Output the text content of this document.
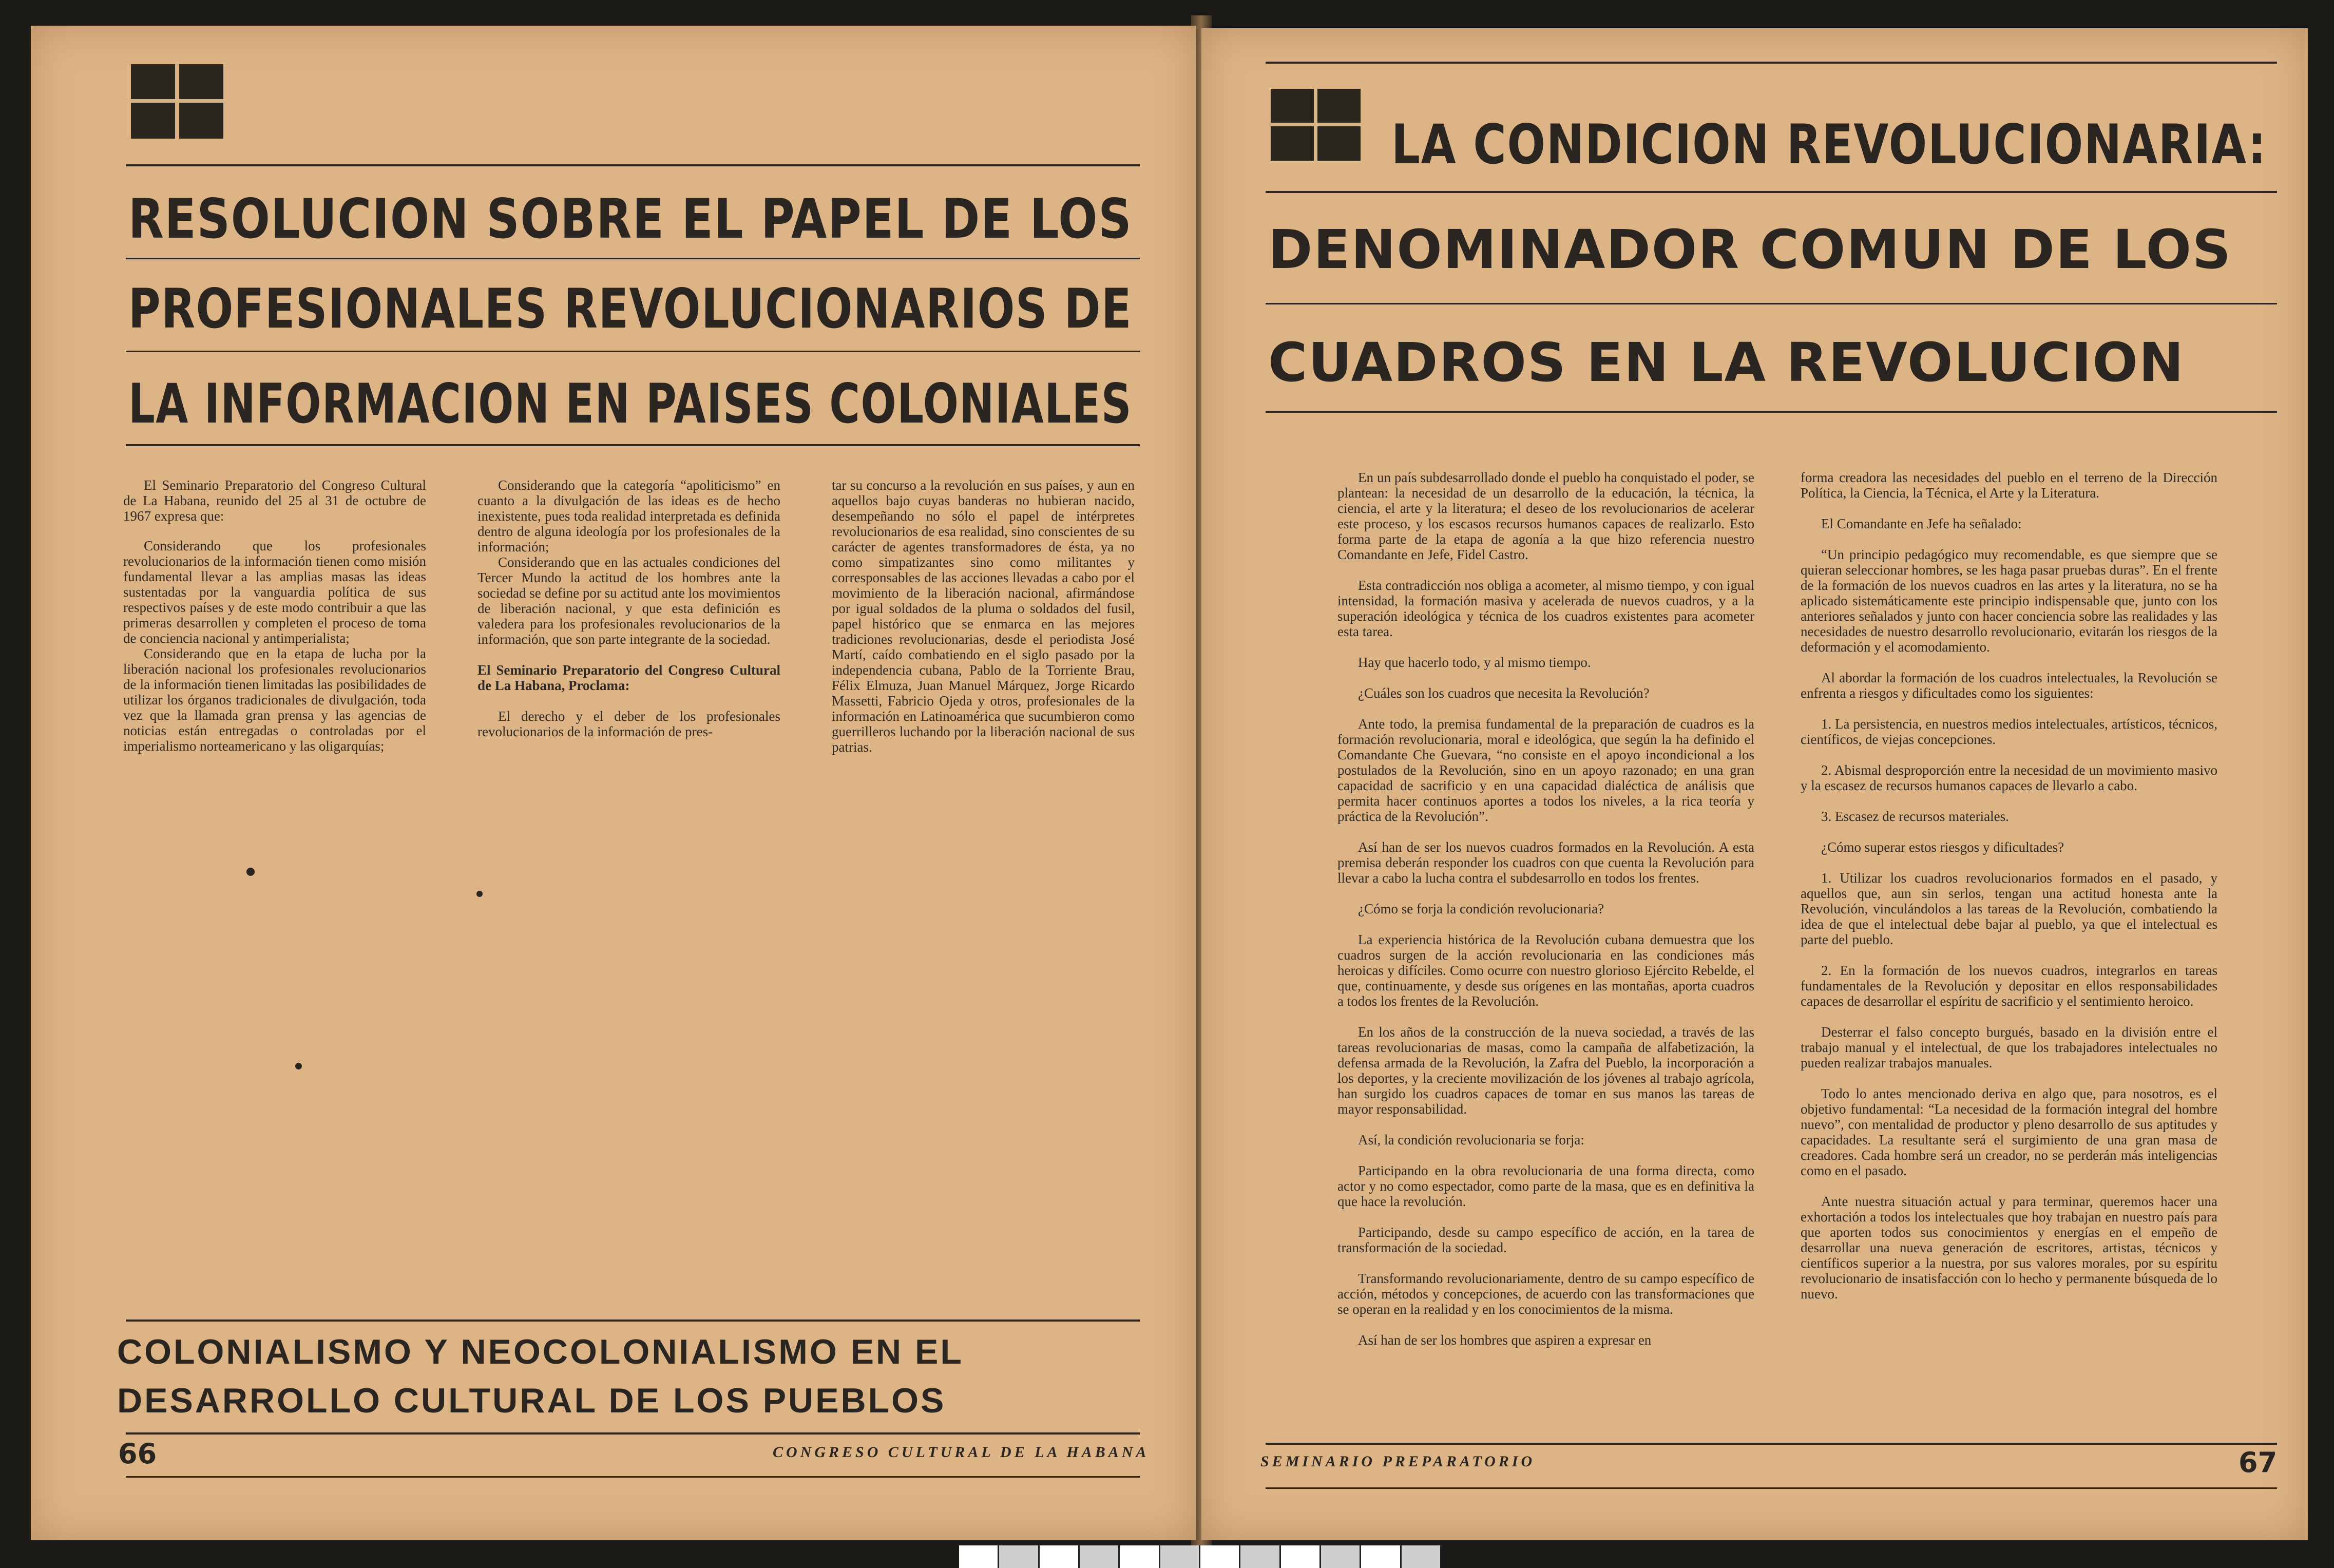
RESOLUCION SOBRE EL PAPEL DE LOS
PROFESIONALES REVOLUCIONARIOS DE
LA INFORMACION EN PAISES COLONIALES

El Seminario Preparatorio del Congreso Cultural de La Habana, reunido del 25 al 31 de octubre de 1967 expresa que:

Considerando que los profesionales revolucionarios de la información tienen como misión fundamental llevar a las amplias masas las ideas sustentadas por la vanguardia política de sus respectivos países y de este modo contribuir a que las primeras desarrollen y completen el proceso de toma de conciencia nacional y antimperialista;

Considerando que en la etapa de lucha por la liberación nacional los profesionales revolucionarios de la información tienen limitadas las posibilidades de utilizar los órganos tradicionales de divulgación, toda vez que la llamada gran prensa y las agencias de noticias están entregadas o controladas por el imperialismo norteamericano y las oligarquías;

Considerando que la categoría “apoliticismo” en cuanto a la divulgación de las ideas es de hecho inexistente, pues toda realidad interpretada es definida dentro de alguna ideología por los profesionales de la información;

Considerando que en las actuales condiciones del Tercer Mundo la actitud de los hombres ante la sociedad se define por su actitud ante los movimientos de liberación nacional, y que esta definición es valedera para los profesionales revolucionarios de la información, que son parte integrante de la sociedad.

El Seminario Preparatorio del Congreso Cultural de La Habana, Proclama:

El derecho y el deber de los profesionales revolucionarios de la información de pres-

tar su concurso a la revolución en sus países, y aun en aquellos bajo cuyas banderas no hubieran nacido, desempeñando no sólo el papel de intérpretes revolucionarios de esa realidad, sino conscientes de su carácter de agentes transformadores de ésta, ya no como simpatizantes sino como militantes y corresponsables de las acciones llevadas a cabo por el movimiento de la liberación nacional, afirmándose por igual soldados de la pluma o soldados del fusil, papel histórico que se enmarca en las mejores tradiciones revolucionarias, desde el periodista José Martí, caído combatiendo en el siglo pasado por la independencia cubana, Pablo de la Torriente Brau, Félix Elmuza, Juan Manuel Márquez, Jorge Ricardo Massetti, Fabricio Ojeda y otros, profesionales de la información en Latinoamérica que sucumbieron como guerrilleros luchando por la liberación nacional de sus patrias.

COLONIALISMO Y NEOCOLONIALISMO EN EL
DESARROLLO CULTURAL DE LOS PUEBLOS
66	CONGRESO CULTURAL DE LA HABANA
LA CONDICION REVOLUCIONARIA:
DENOMINADOR COMUN DE LOS
CUADROS EN LA REVOLUCION

En un país subdesarrollado donde el pueblo ha conquistado el poder, se plantean: la necesidad de un desarrollo de la educación, la técnica, la ciencia, el arte y la literatura; el deseo de los revolucionarios de acelerar este proceso, y los escasos recursos humanos capaces de realizarlo. Esto forma parte de la etapa de agonía a la que hizo referencia nuestro Comandante en Jefe, Fidel Castro.

Esta contradicción nos obliga a acometer, al mismo tiempo, y con igual intensidad, la formación masiva y acelerada de nuevos cuadros, y a la superación ideológica y técnica de los cuadros existentes para acometer esta tarea.

Hay que hacerlo todo, y al mismo tiempo.

¿Cuáles son los cuadros que necesita la Revolución?

Ante todo, la premisa fundamental de la preparación de cuadros es la formación revolucionaria, moral e ideológica, que según la ha definido el Comandante Che Guevara, “no consiste en el apoyo incondicional a los postulados de la Revolución, sino en un apoyo razonado; en una gran capacidad de sacrificio y en una capacidad dialéctica de análisis que permita hacer continuos aportes a todos los niveles, a la rica teoría y práctica de la Revolución”.

Así han de ser los nuevos cuadros formados en la Revolución. A esta premisa deberán responder los cuadros con que cuenta la Revolución para llevar a cabo la lucha contra el subdesarrollo en todos los frentes.

¿Cómo se forja la condición revolucionaria?

La experiencia histórica de la Revolución cubana demuestra que los cuadros surgen de la acción revolucionaria en las condiciones más heroicas y difíciles. Como ocurre con nuestro glorioso Ejército Rebelde, el que, continuamente, y desde sus orígenes en las montañas, aporta cuadros a todos los frentes de la Revolución.

En los años de la construcción de la nueva sociedad, a través de las tareas revolucionarias de masas, como la campaña de alfabetización, la defensa armada de la Revolución, la Zafra del Pueblo, la incorporación a los deportes, y la creciente movilización de los jóvenes al trabajo agrícola, han surgido los cuadros capaces de tomar en sus manos las tareas de mayor responsabilidad.

Así, la condición revolucionaria se forja:

Participando en la obra revolucionaria de una forma directa, como actor y no como espectador, como parte de la masa, que es en definitiva la que hace la revolución.

Participando, desde su campo específico de acción, en la tarea de transformación de la sociedad.

Transformando revolucionariamente, dentro de su campo específico de acción, métodos y concepciones, de acuerdo con las transformaciones que se operan en la realidad y en los conocimientos de la misma.

Así han de ser los hombres que aspiren a expresar en

forma creadora las necesidades del pueblo en el terreno de la Dirección Política, la Ciencia, la Técnica, el Arte y la Literatura.

El Comandante en Jefe ha señalado:

“Un principio pedagógico muy recomendable, es que siempre que se quieran seleccionar hombres, se les haga pasar pruebas duras”. En el frente de la formación de los nuevos cuadros en las artes y la literatura, no se ha aplicado sistemáticamente este principio indispensable que, junto con los anteriores señalados y junto con hacer conciencia sobre las realidades y las necesidades de nuestro desarrollo revolucionario, evitarán los riesgos de la deformación y el acomodamiento.

Al abordar la formación de los cuadros intelectuales, la Revolución se enfrenta a riesgos y dificultades como los siguientes:

1. La persistencia, en nuestros medios intelectuales, artísticos, técnicos, científicos, de viejas concepciones.

2. Abismal desproporción entre la necesidad de un movimiento masivo y la escasez de recursos humanos capaces de llevarlo a cabo.

3. Escasez de recursos materiales.

¿Cómo superar estos riesgos y dificultades?

1. Utilizar los cuadros revolucionarios formados en el pasado, y aquellos que, aun sin serlos, tengan una actitud honesta ante la Revolución, vinculándolos a las tareas de la Revolución, combatiendo la idea de que el intelectual debe bajar al pueblo, ya que el intelectual es parte del pueblo.

2. En la formación de los nuevos cuadros, integrarlos en tareas fundamentales de la Revolución y depositar en ellos responsabilidades capaces de desarrollar el espíritu de sacrificio y el sentimiento heroico.

Desterrar el falso concepto burgués, basado en la división entre el trabajo manual y el intelectual, de que los trabajadores intelectuales no pueden realizar trabajos manuales.

Todo lo antes mencionado deriva en algo que, para nosotros, es el objetivo fundamental: “La necesidad de la formación integral del hombre nuevo”, con mentalidad de productor y pleno desarrollo de sus aptitudes y capacidades. La resultante será el surgimiento de una gran masa de creadores. Cada hombre será un creador, no se perderán más inteligencias como en el pasado.

Ante nuestra situación actual y para terminar, queremos hacer una exhortación a todos los intelectuales que hoy trabajan en nuestro país para que aporten todos sus conocimientos y energías en el empeño de desarrollar una nueva generación de escritores, artistas, técnicos y científicos superior a la nuestra, por sus valores morales, por su espíritu revolucionario de insatisfacción con lo hecho y permanente búsqueda de lo nuevo.

SEMINARIO PREPARATORIO	67
